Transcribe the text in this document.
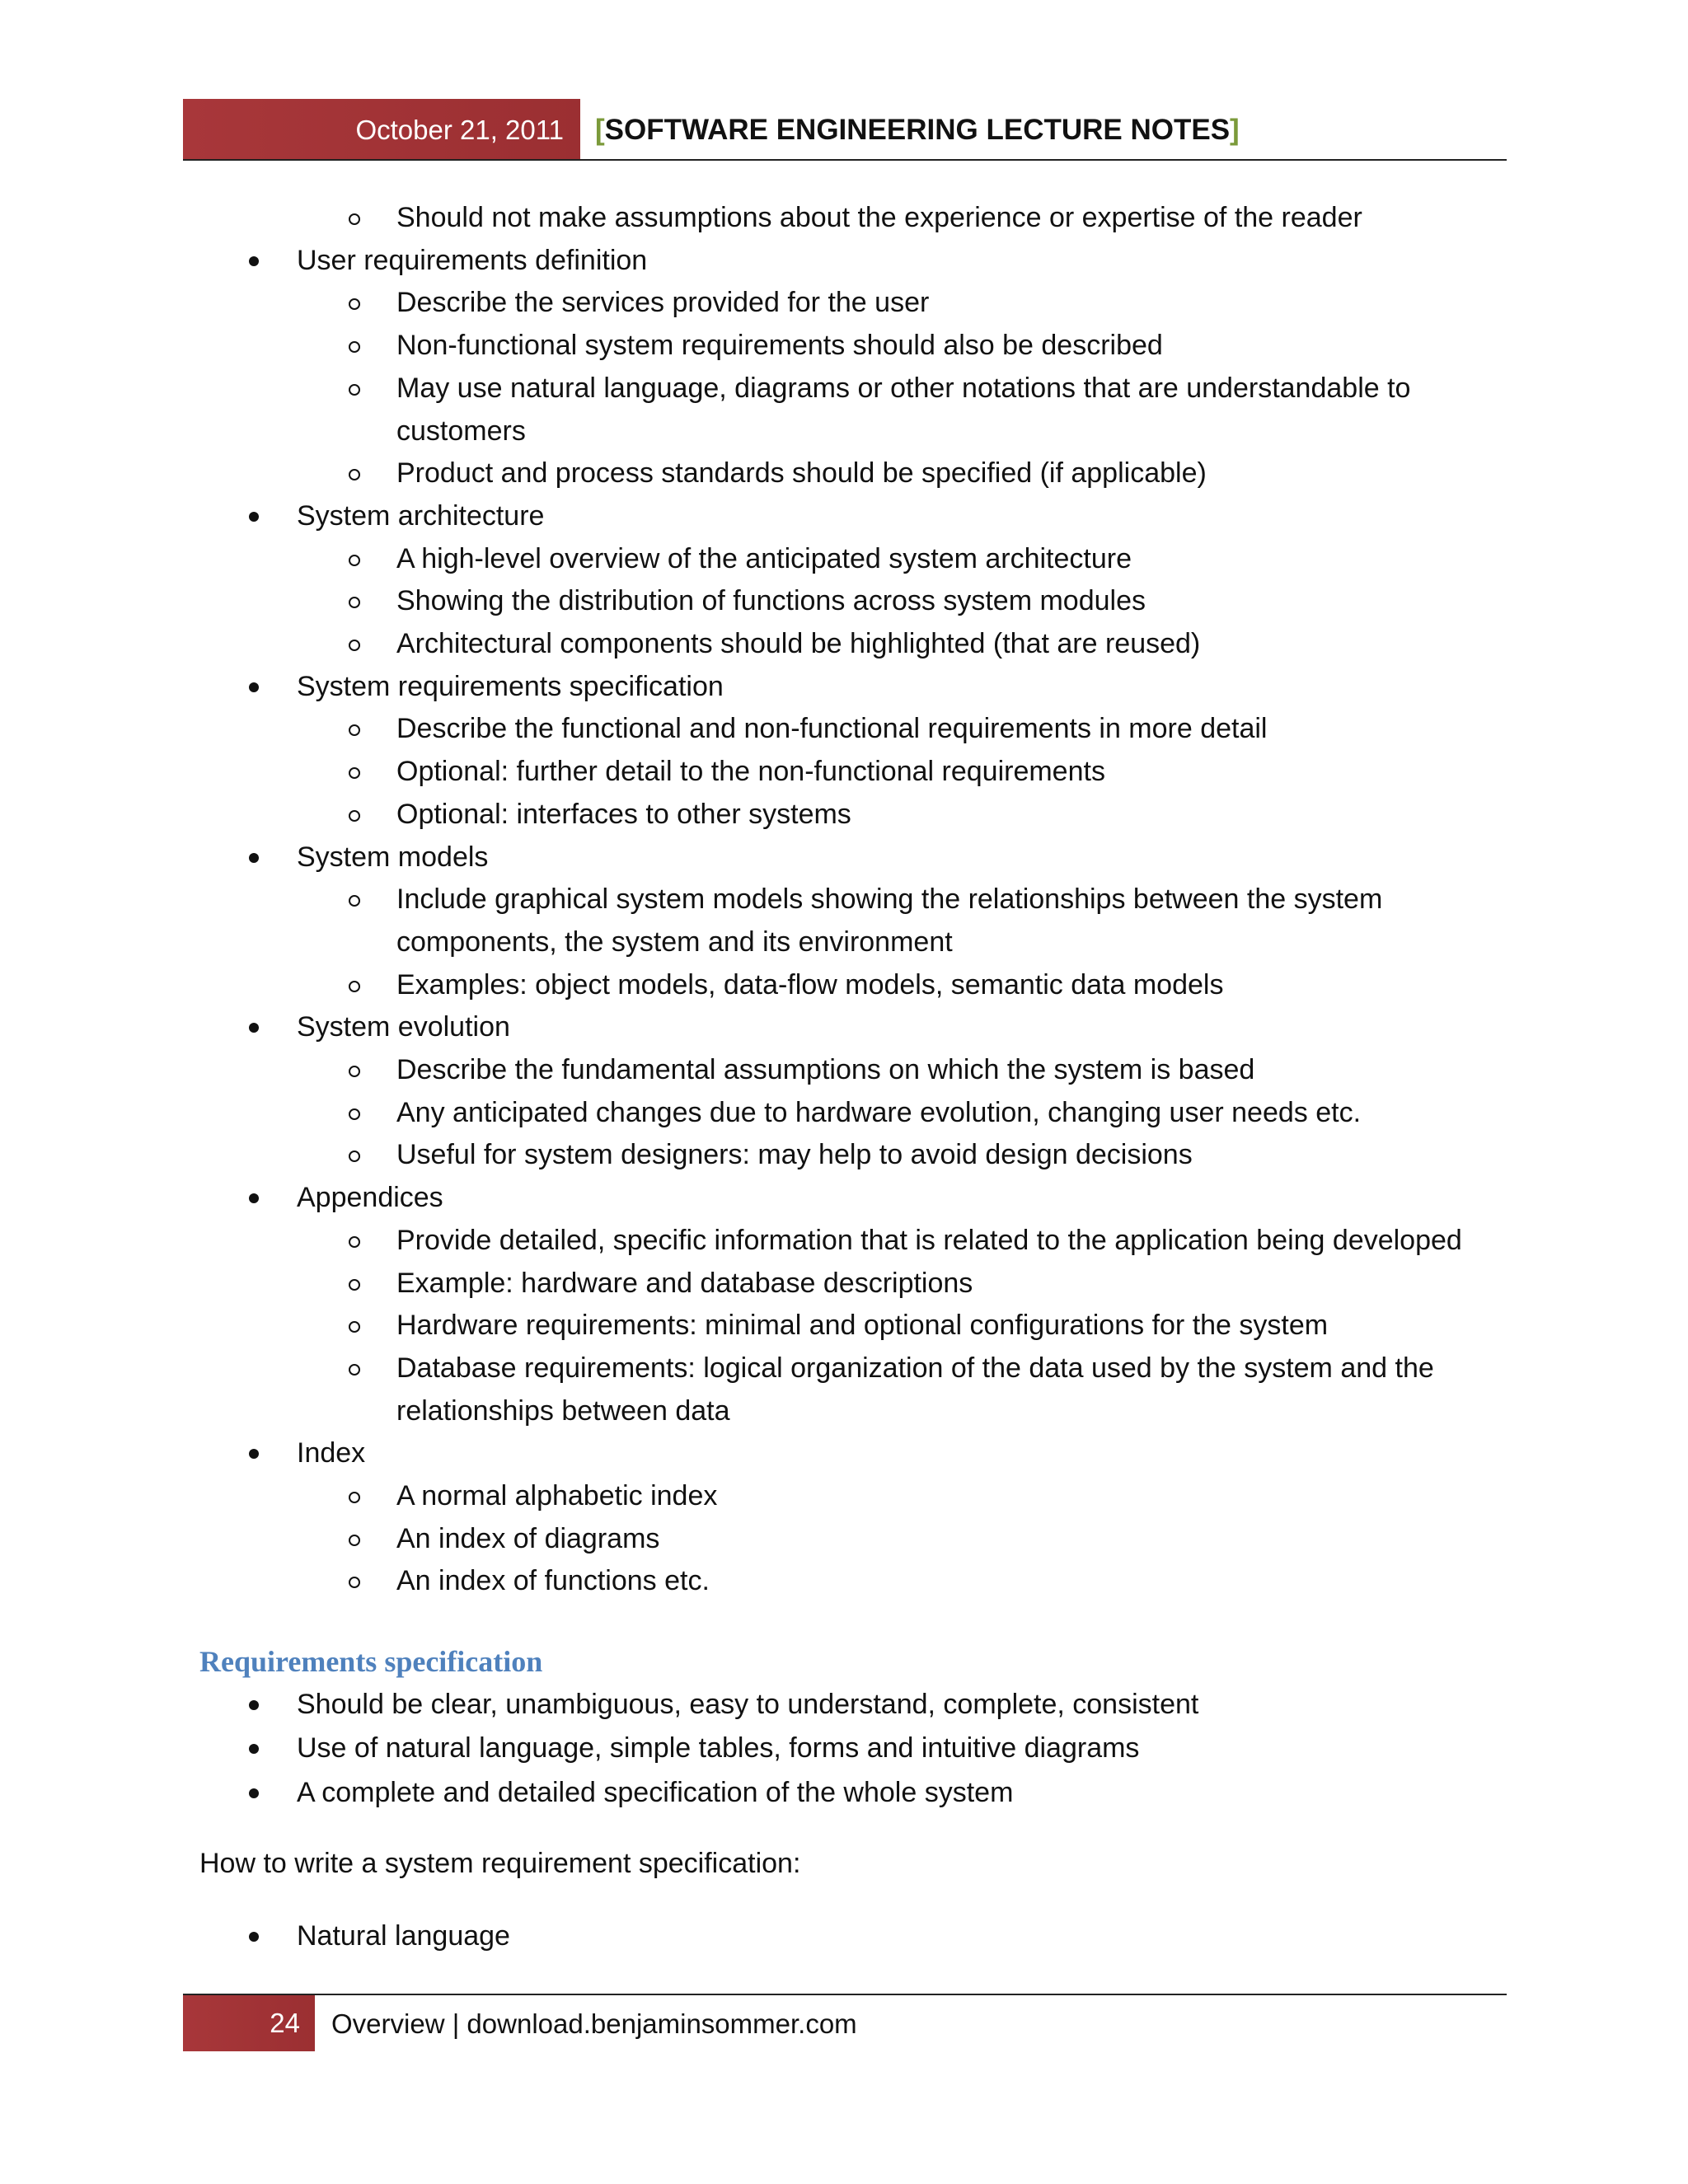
October 21, 2011 [SOFTWARE ENGINEERING LECTURE NOTES]
Should not make assumptions about the experience or expertise of the reader
User requirements definition
Describe the services provided for the user
Non-functional system requirements should also be described
May use natural language, diagrams or other notations that are understandable to
customers
Product and process standards should be specified (if applicable)
System architecture
A high-level overview of the anticipated system architecture
Showing the distribution of functions across system modules
Architectural components should be highlighted (that are reused)
System requirements specification
Describe the functional and non-functional requirements in more detail
Optional: further detail to the non-functional requirements
Optional: interfaces to other systems
System models
Include graphical system models showing the relationships between the system
components, the system and its environment
Examples: object models, data-flow models, semantic data models
System evolution
Describe the fundamental assumptions on which the system is based
Any anticipated changes due to hardware evolution, changing user needs etc.
Useful for system designers: may help to avoid design decisions
Appendices
Provide detailed, specific information that is related to the application being developed
Example: hardware and database descriptions
Hardware requirements: minimal and optional configurations for the system
Database requirements: logical organization of the data used by the system and the
relationships between data
Index
A normal alphabetic index
An index of diagrams
An index of functions etc.
Requirements specification
Should be clear, unambiguous, easy to understand, complete, consistent
Use of natural language, simple tables, forms and intuitive diagrams
A complete and detailed specification of the whole system
How to write a system requirement specification:
Natural language
24 Overview | download.benjaminsommer.com
